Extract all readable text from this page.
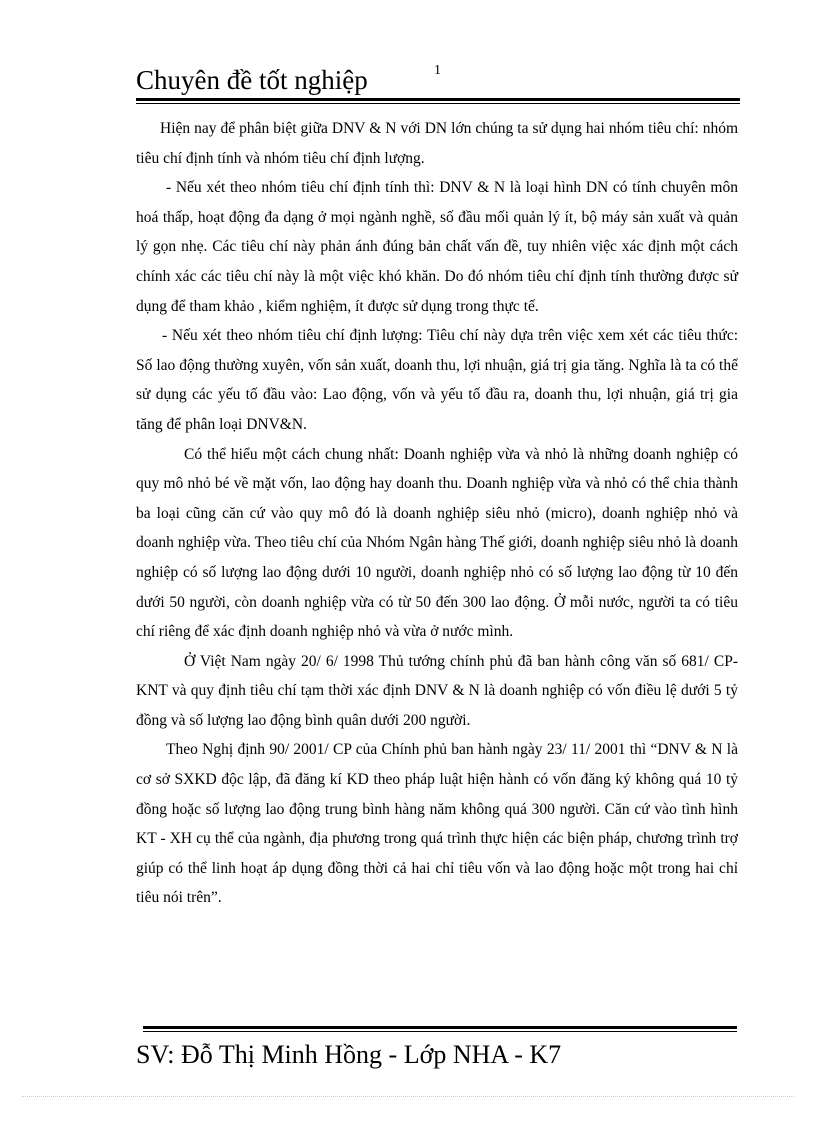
Chuyên đề tốt nghiệp	1

Hiện nay để phân biệt giữa DNV & N với DN lớn chúng ta sử dụng hai nhóm tiêu chí: nhóm tiêu chí định tính và nhóm tiêu chí định lượng.

- Nếu xét theo nhóm tiêu chí định tính thì: DNV & N là loại hình DN có tính chuyên môn hoá thấp, hoạt động đa dạng ở mọi ngành nghề, số đầu mối quản lý ít, bộ máy sản xuất và quản lý gọn nhẹ. Các tiêu chí này phản ánh đúng bản chất vấn đề, tuy nhiên việc xác định một cách chính xác các tiêu chí này là một việc khó khăn. Do đó nhóm tiêu chí định tính thường được sử dụng để tham khảo , kiểm nghiệm, ít được sử dụng trong thực tế.

- Nếu xét theo nhóm tiêu chí định lượng: Tiêu chí này dựa trên việc xem xét các tiêu thức: Số lao động thường xuyên, vốn sản xuất, doanh thu, lợi nhuận, giá trị gia tăng. Nghĩa là ta có thể sử dụng các yếu tố đầu vào: Lao động, vốn và yếu tố đầu ra, doanh thu, lợi nhuận, giá trị gia tăng để phân loại DNV&N.

Có thể hiểu một cách chung nhất: Doanh nghiệp vừa và nhỏ là những doanh nghiệp có quy mô nhỏ bé về mặt vốn, lao động hay doanh thu. Doanh nghiệp vừa và nhỏ có thể chia thành ba loại cũng căn cứ vào quy mô đó là doanh nghiệp siêu nhỏ (micro), doanh nghiệp nhỏ và doanh nghiệp vừa. Theo tiêu chí của Nhóm Ngân hàng Thế giới, doanh nghiệp siêu nhỏ là doanh nghiệp có số lượng lao động dưới 10 người, doanh nghiệp nhỏ có số lượng lao động từ 10 đến dưới 50 người, còn doanh nghiệp vừa có từ 50 đến 300 lao động. Ở mỗi nước, người ta có tiêu chí riêng để xác định doanh nghiệp nhỏ và vừa ở nước mình.

Ở Việt Nam ngày 20/ 6/ 1998 Thủ tướng chính phủ đã ban hành công văn số 681/ CP-KNT và quy định tiêu chí tạm thời xác định DNV & N là doanh nghiệp có vốn điều lệ dưới 5 tỷ đồng và số lượng lao động bình quân dưới 200 người.

Theo Nghị định 90/ 2001/ CP của Chính phủ ban hành ngày 23/ 11/ 2001 thì “DNV & N là cơ sở SXKD độc lập, đã đăng kí KD theo pháp luật hiện hành có vốn đăng ký không quá 10 tỷ đồng hoặc số lượng lao động trung bình hàng năm không quá 300 người. Căn cứ vào tình hình KT - XH cụ thể của ngành, địa phương trong quá trình thực hiện các biện pháp, chương trình trợ giúp có thể linh hoạt áp dụng đồng thời cả hai chỉ tiêu vốn và lao động hoặc một trong hai chỉ tiêu nói trên”.

SV: Đỗ Thị Minh Hồng - Lớp NHA - K7
